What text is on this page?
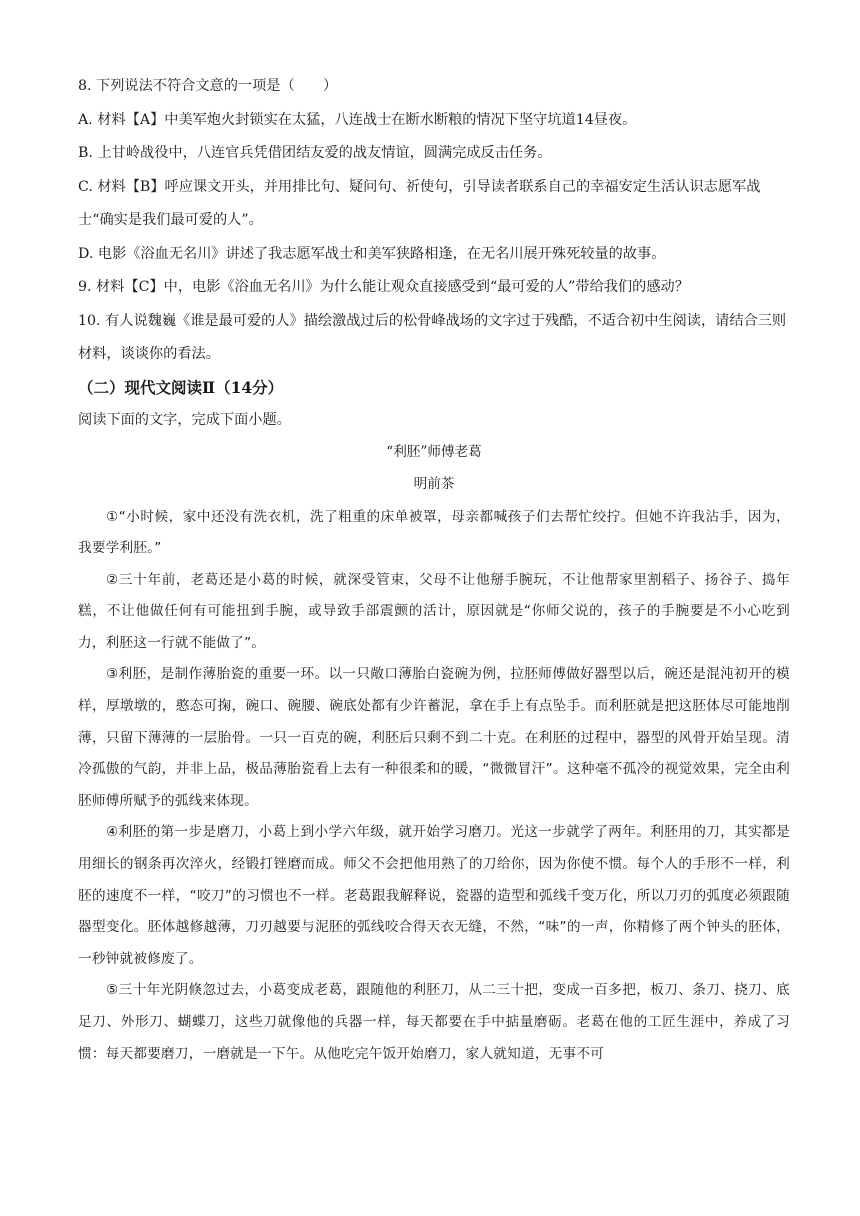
8. 下列说法不符合文意的一项是（　　）

A. 材料【A】中美军炮火封锁实在太猛，八连战士在断水断粮的情况下坚守坑道14昼夜。

B. 上甘岭战役中，八连官兵凭借团结友爱的战友情谊，圆满完成反击任务。

C. 材料【B】呼应课文开头，并用排比句、疑问句、祈使句，引导读者联系自己的幸福安定生活认识志愿军战士“确实是我们最可爱的人”。

D. 电影《浴血无名川》讲述了我志愿军战士和美军狭路相逢，在无名川展开殊死较量的故事。

9. 材料【C】中，电影《浴血无名川》为什么能让观众直接感受到“最可爱的人”带给我们的感动？

10. 有人说魏巍《谁是最可爱的人》描绘激战过后的松骨峰战场的文字过于残酷，不适合初中生阅读，请结合三则材料，谈谈你的看法。

（二）现代文阅读Ⅱ（14分）

阅读下面的文字，完成下面小题。

“利胚”师傅老葛

明前茶

①“小时候，家中还没有洗衣机，洗了粗重的床单被罩，母亲都喊孩子们去帮忙绞拧。但她不许我沾手，因为，我要学利胚。”

②三十年前，老葛还是小葛的时候，就深受管束，父母不让他掰手腕玩，不让他帮家里割稻子、扬谷子、捣年糕，不让他做任何有可能扭到手腕，或导致手部震颤的活计，原因就是“你师父说的，孩子的手腕要是不小心吃到力，利胚这一行就不能做了”。

③利胚，是制作薄胎瓷的重要一环。以一只敞口薄胎白瓷碗为例，拉胚师傅做好器型以后，碗还是混沌初开的模样，厚墩墩的，憨态可掬，碗口、碗腰、碗底处都有少许蓄泥，拿在手上有点坠手。而利胚就是把这胚体尽可能地削薄，只留下薄薄的一层胎骨。一只一百克的碗，利胚后只剩不到二十克。在利胚的过程中，器型的风骨开始呈现。清冷孤傲的气韵，并非上品，极品薄胎瓷看上去有一种很柔和的暖，“微微冒汗”。这种毫不孤冷的视觉效果，完全由利胚师傅所赋予的弧线来体现。

④利胚的第一步是磨刀，小葛上到小学六年级，就开始学习磨刀。光这一步就学了两年。利胚用的刀，其实都是用细长的钢条再次淬火，经锻打锉磨而成。师父不会把他用熟了的刀给你，因为你使不惯。每个人的手形不一样，利胚的速度不一样，“咬刀”的习惯也不一样。老葛跟我解释说，瓷器的造型和弧线千变万化，所以刀刃的弧度必须跟随器型变化。胚体越修越薄，刀刃越要与泥胚的弧线咬合得天衣无缝，不然，“味”的一声，你精修了两个钟头的胚体，一秒钟就被修废了。

⑤三十年光阴倏忽过去，小葛变成老葛，跟随他的利胚刀，从二三十把，变成一百多把，板刀、条刀、挠刀、底足刀、外形刀、蝴蝶刀，这些刀就像他的兵器一样，每天都要在手中掂量磨砺。老葛在他的工匠生涯中，养成了习惯：每天都要磨刀，一磨就是一下午。从他吃完午饭开始磨刀，家人就知道，无事不可
